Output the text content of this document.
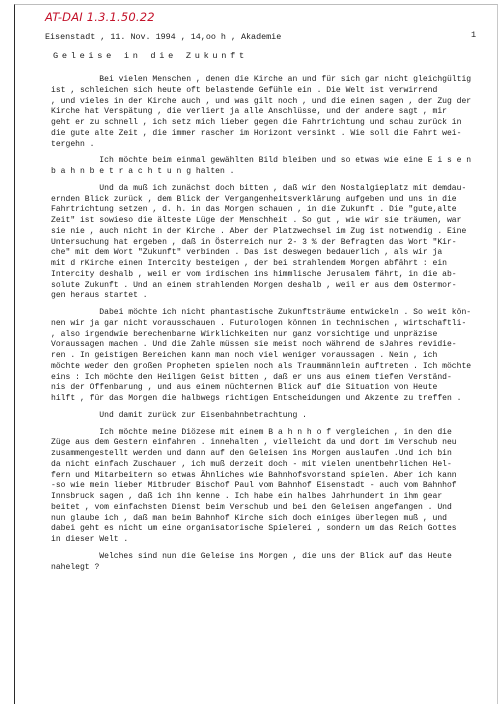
AT-DAI 1.3.1.50.22
1
Eisenstadt , 11. Nov. 1994 , 14,oo h , Akademie
Geleise in die Zukunft
Bei vielen Menschen , denen die Kirche an und für sich gar nicht gleichgültig
ist , schleichen sich heute oft belastende Gefühle ein . Die Welt ist verwirrend
, und vieles in der Kirche auch , und was gilt noch , und die einen sagen , der Zug der
Kirche hat Verspätung , die verliert ja alle Anschlüsse, und der andere sagt , mir
geht er zu schnell , ich setz mich lieber gegen die Fahrtrichtung und schau zurück in
die gute alte Zeit , die immer rascher im Horizont versinkt . Wie soll die Fahrt wei-
tergehn .
Ich möchte beim einmal gewählten Bild bleiben und so etwas wie eine E i s e n
b a h n b e t r a c h t u n g halten .
Und da muß ich zunächst doch bitten , daß wir den Nostalgieplatz mit demdau-
ernden Blick zurück , dem Blick der Vergangenheitsverklärung aufgeben und uns in die
Fahrtrichtung setzen , d. h. in das Morgen schauen , in die Zukunft . Die "gute,alte
Zeit" ist sowieso die älteste Lüge der Menschheit . So gut , wie wir sie träumen, war
sie nie , auch nicht in der Kirche . Aber der Platzwechsel im Zug ist notwendig . Eine
Untersuchung hat ergeben , daß in Österreich nur 2- 3 % der Befragten das Wort "Kir-
che" mit dem Wort "Zukunft" verbinden . Das ist deswegen bedauerlich , als wir ja
mit d rKirche einen Intercity besteigen , der bei strahlendem Morgen abfährt : ein
Intercity deshalb , weil er vom irdischen ins himmlische Jerusalem fährt, in die ab-
solute Zukunft . Und an einem strahlenden Morgen deshalb , weil er aus dem Ostermor-
gen heraus startet .
Dabei möchte ich nicht phantastische Zukunftsträume entwickeln . So weit kön-
nen wir ja gar nicht vorausschauen . Futurologen können in technischen , wirtschaftli-
, also irgendwie berechenbarne Wirklichkeiten nur ganz vorsichtige und unpräzise
Voraussagen machen . Und die Zahle müssen sie meist noch während de sJahres revidie-
ren . In geistigen Bereichen kann man noch viel weniger voraussagen . Nein , ich
möchte weder den großen Propheten spielen noch als Traummännlein auftreten . Ich möchte
eins : Ich möchte den Heiligen Geist bitten , daß er uns aus einem tiefen Verständ-
nis der Offenbarung , und aus einem nüchternen Blick auf die Situation von Heute
hilft , für das Morgen die halbwegs richtigen Entscheidungen und Akzente zu treffen .
Und damit zurück zur Eisenbahnbetrachtung .
Ich möchte meine Diözese mit einem B a h n h o f vergleichen , in den die
Züge aus dem Gestern einfahren . innehalten , vielleicht da und dort im Verschub neu
zusammengestellt werden und dann auf den Geleisen ins Morgen auslaufen .Und ich bin
da nicht einfach Zuschauer , ich muß derzeit doch - mit vielen unentbehrlichen Hel-
fern und Mitarbeitern so etwas Ähnliches wie Bahnhofsvorstand spielen. Aber ich kann
-so wie mein lieber Mitbruder Bischof Paul vom Bahnhof Eisenstadt - auch vom Bahnhof
Innsbruck sagen , daß ich ihn kenne . Ich habe ein halbes Jahrhundert in ihm gear
beitet , vom einfachsten Dienst beim Verschub und bei den Geleisen angefangen . Und
nun glaube ich , daß man beim Bahnhof Kirche sich doch einiges überlegen muß , und
dabei geht es nicht um eine organisatorische Spielerei , sondern um das Reich Gottes
in dieser Welt .
Welches sind nun die Geleise ins Morgen , die uns der Blick auf das Heute
nahelegt ?
